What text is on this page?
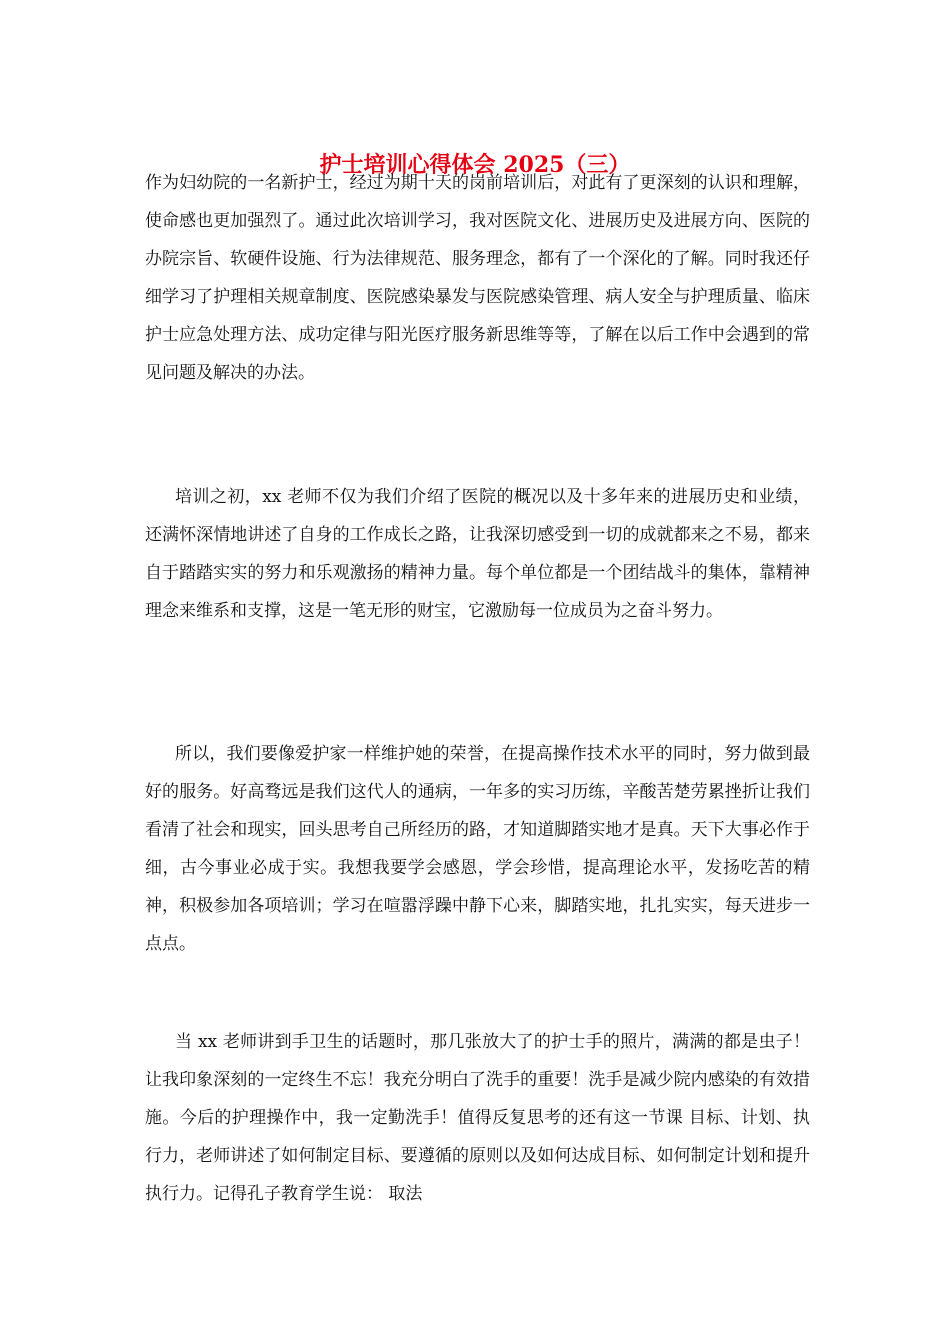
护士培训心得体会 2025（三）

作为妇幼院的一名新护士，经过为期十天的岗前培训后，对此有了更深刻的认识和理解，使命感也更加强烈了。通过此次培训学习，我对医院文化、进展历史及进展方向、医院的办院宗旨、软硬件设施、行为法律规范、服务理念，都有了一个深化的了解。同时我还仔细学习了护理相关规章制度、医院感染暴发与医院感染管理、病人安全与护理质量、临床护士应急处理方法、成功定律与阳光医疗服务新思维等等，了解在以后工作中会遇到的常见问题及解决的办法。

培训之初，xx 老师不仅为我们介绍了医院的概况以及十多年来的进展历史和业绩，还满怀深情地讲述了自身的工作成长之路，让我深切感受到一切的成就都来之不易，都来自于踏踏实实的努力和乐观激扬的精神力量。每个单位都是一个团结战斗的集体，靠精神理念来维系和支撑，这是一笔无形的财宝，它激励每一位成员为之奋斗努力。

所以，我们要像爱护家一样维护她的荣誉，在提高操作技术水平的同时，努力做到最好的服务。好高骛远是我们这代人的通病，一年多的实习历练，辛酸苦楚劳累挫折让我们看清了社会和现实，回头思考自己所经历的路，才知道脚踏实地才是真。天下大事必作于细，古今事业必成于实。我想我要学会感恩，学会珍惜，提高理论水平，发扬吃苦的精神，积极参加各项培训；学习在喧嚣浮躁中静下心来，脚踏实地，扎扎实实，每天进步一点点。

当 xx 老师讲到手卫生的话题时，那几张放大了的护士手的照片，满满的都是虫子！让我印象深刻的一定终生不忘！我充分明白了洗手的重要！洗手是减少院内感染的有效措施。今后的护理操作中，我一定勤洗手！值得反复思考的还有这一节课 目标、计划、执行力，老师讲述了如何制定目标、要遵循的原则以及如何达成目标、如何制定计划和提升执行力。记得孔子教育学生说： 取法
